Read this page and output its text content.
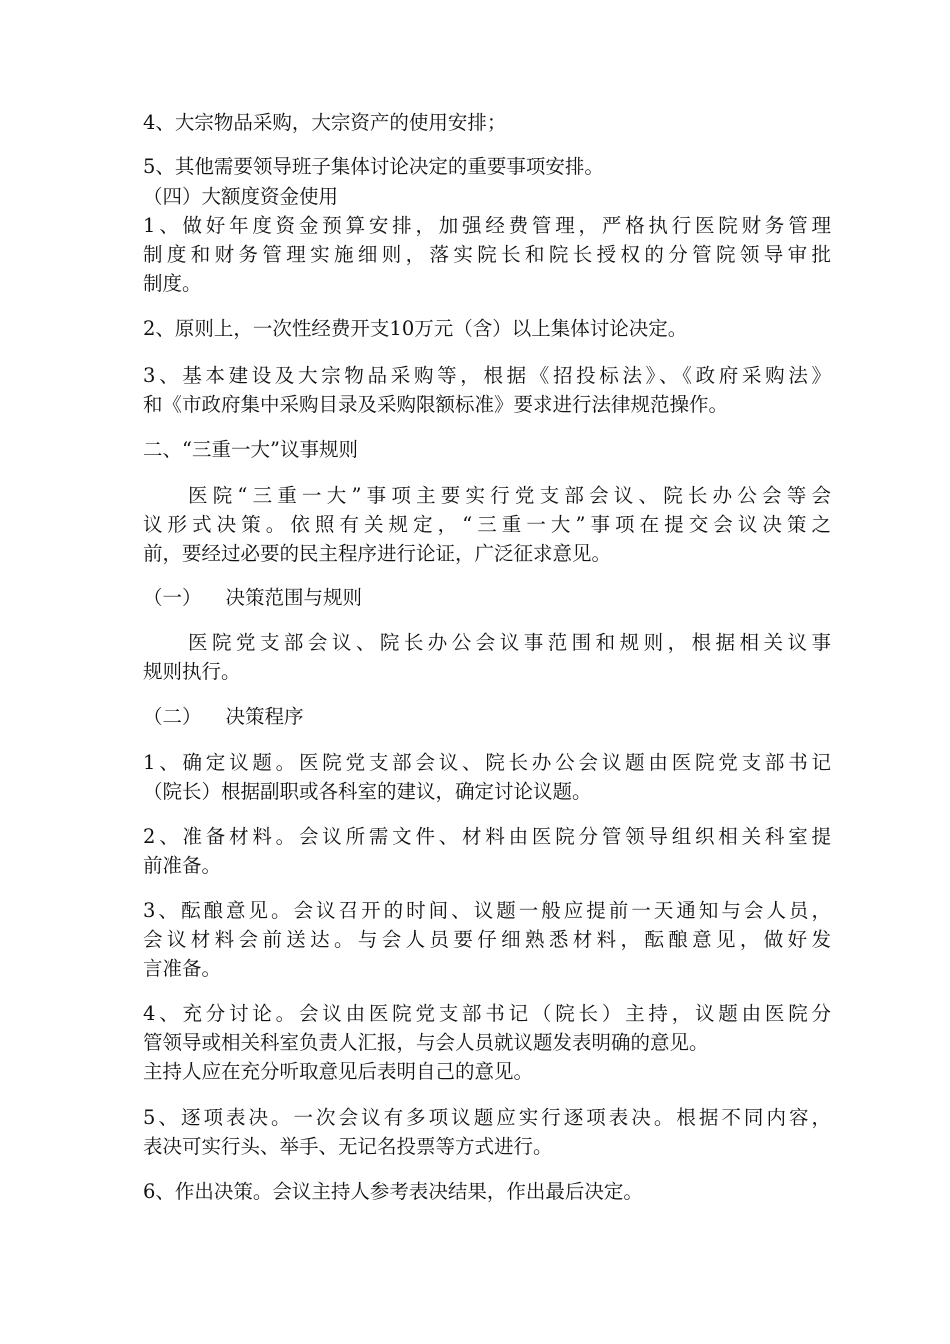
4、大宗物品采购，大宗资产的使用安排；

5、其他需要领导班子集体讨论决定的重要事项安排。

（四）大额度资金使用

1、做好年度资金预算安排，加强经费管理，严格执行医院财务管理
制度和财务管理实施细则，落实院长和院长授权的分管院领导审批
制度。

2、原则上，一次性经费开支10万元（含）以上集体讨论决定。

3、基本建设及大宗物品采购等，根据《招投标法》、《政府采购法》
和《市政府集中采购目录及采购限额标准》要求进行法律规范操作。

二、“三重一大”议事规则

医院“三重一大”事项主要实行党支部会议、院长办公会等会
议形式决策。依照有关规定，“三重一大”事项在提交会议决策之
前，要经过必要的民主程序进行论证，广泛征求意见。

（一） 决策范围与规则

医院党支部会议、院长办公会议事范围和规则，根据相关议事
规则执行。

（二） 决策程序

1、确定议题。医院党支部会议、院长办公会议题由医院党支部书记
（院长）根据副职或各科室的建议，确定讨论议题。
2、准备材料。会议所需文件、材料由医院分管领导组织相关科室提
前准备。
3、酝酿意见。会议召开的时间、议题一般应提前一天通知与会人员，
会议材料会前送达。与会人员要仔细熟悉材料，酝酿意见，做好发
言准备。
4、充分讨论。会议由医院党支部书记（院长）主持，议题由医院分
管领导或相关科室负责人汇报，与会人员就议题发表明确的意见。
主持人应在充分听取意见后表明自己的意见。
5、逐项表决。一次会议有多项议题应实行逐项表决。根据不同内容，
表决可实行头、举手、无记名投票等方式进行。

6、作出决策。会议主持人参考表决结果，作出最后决定。
